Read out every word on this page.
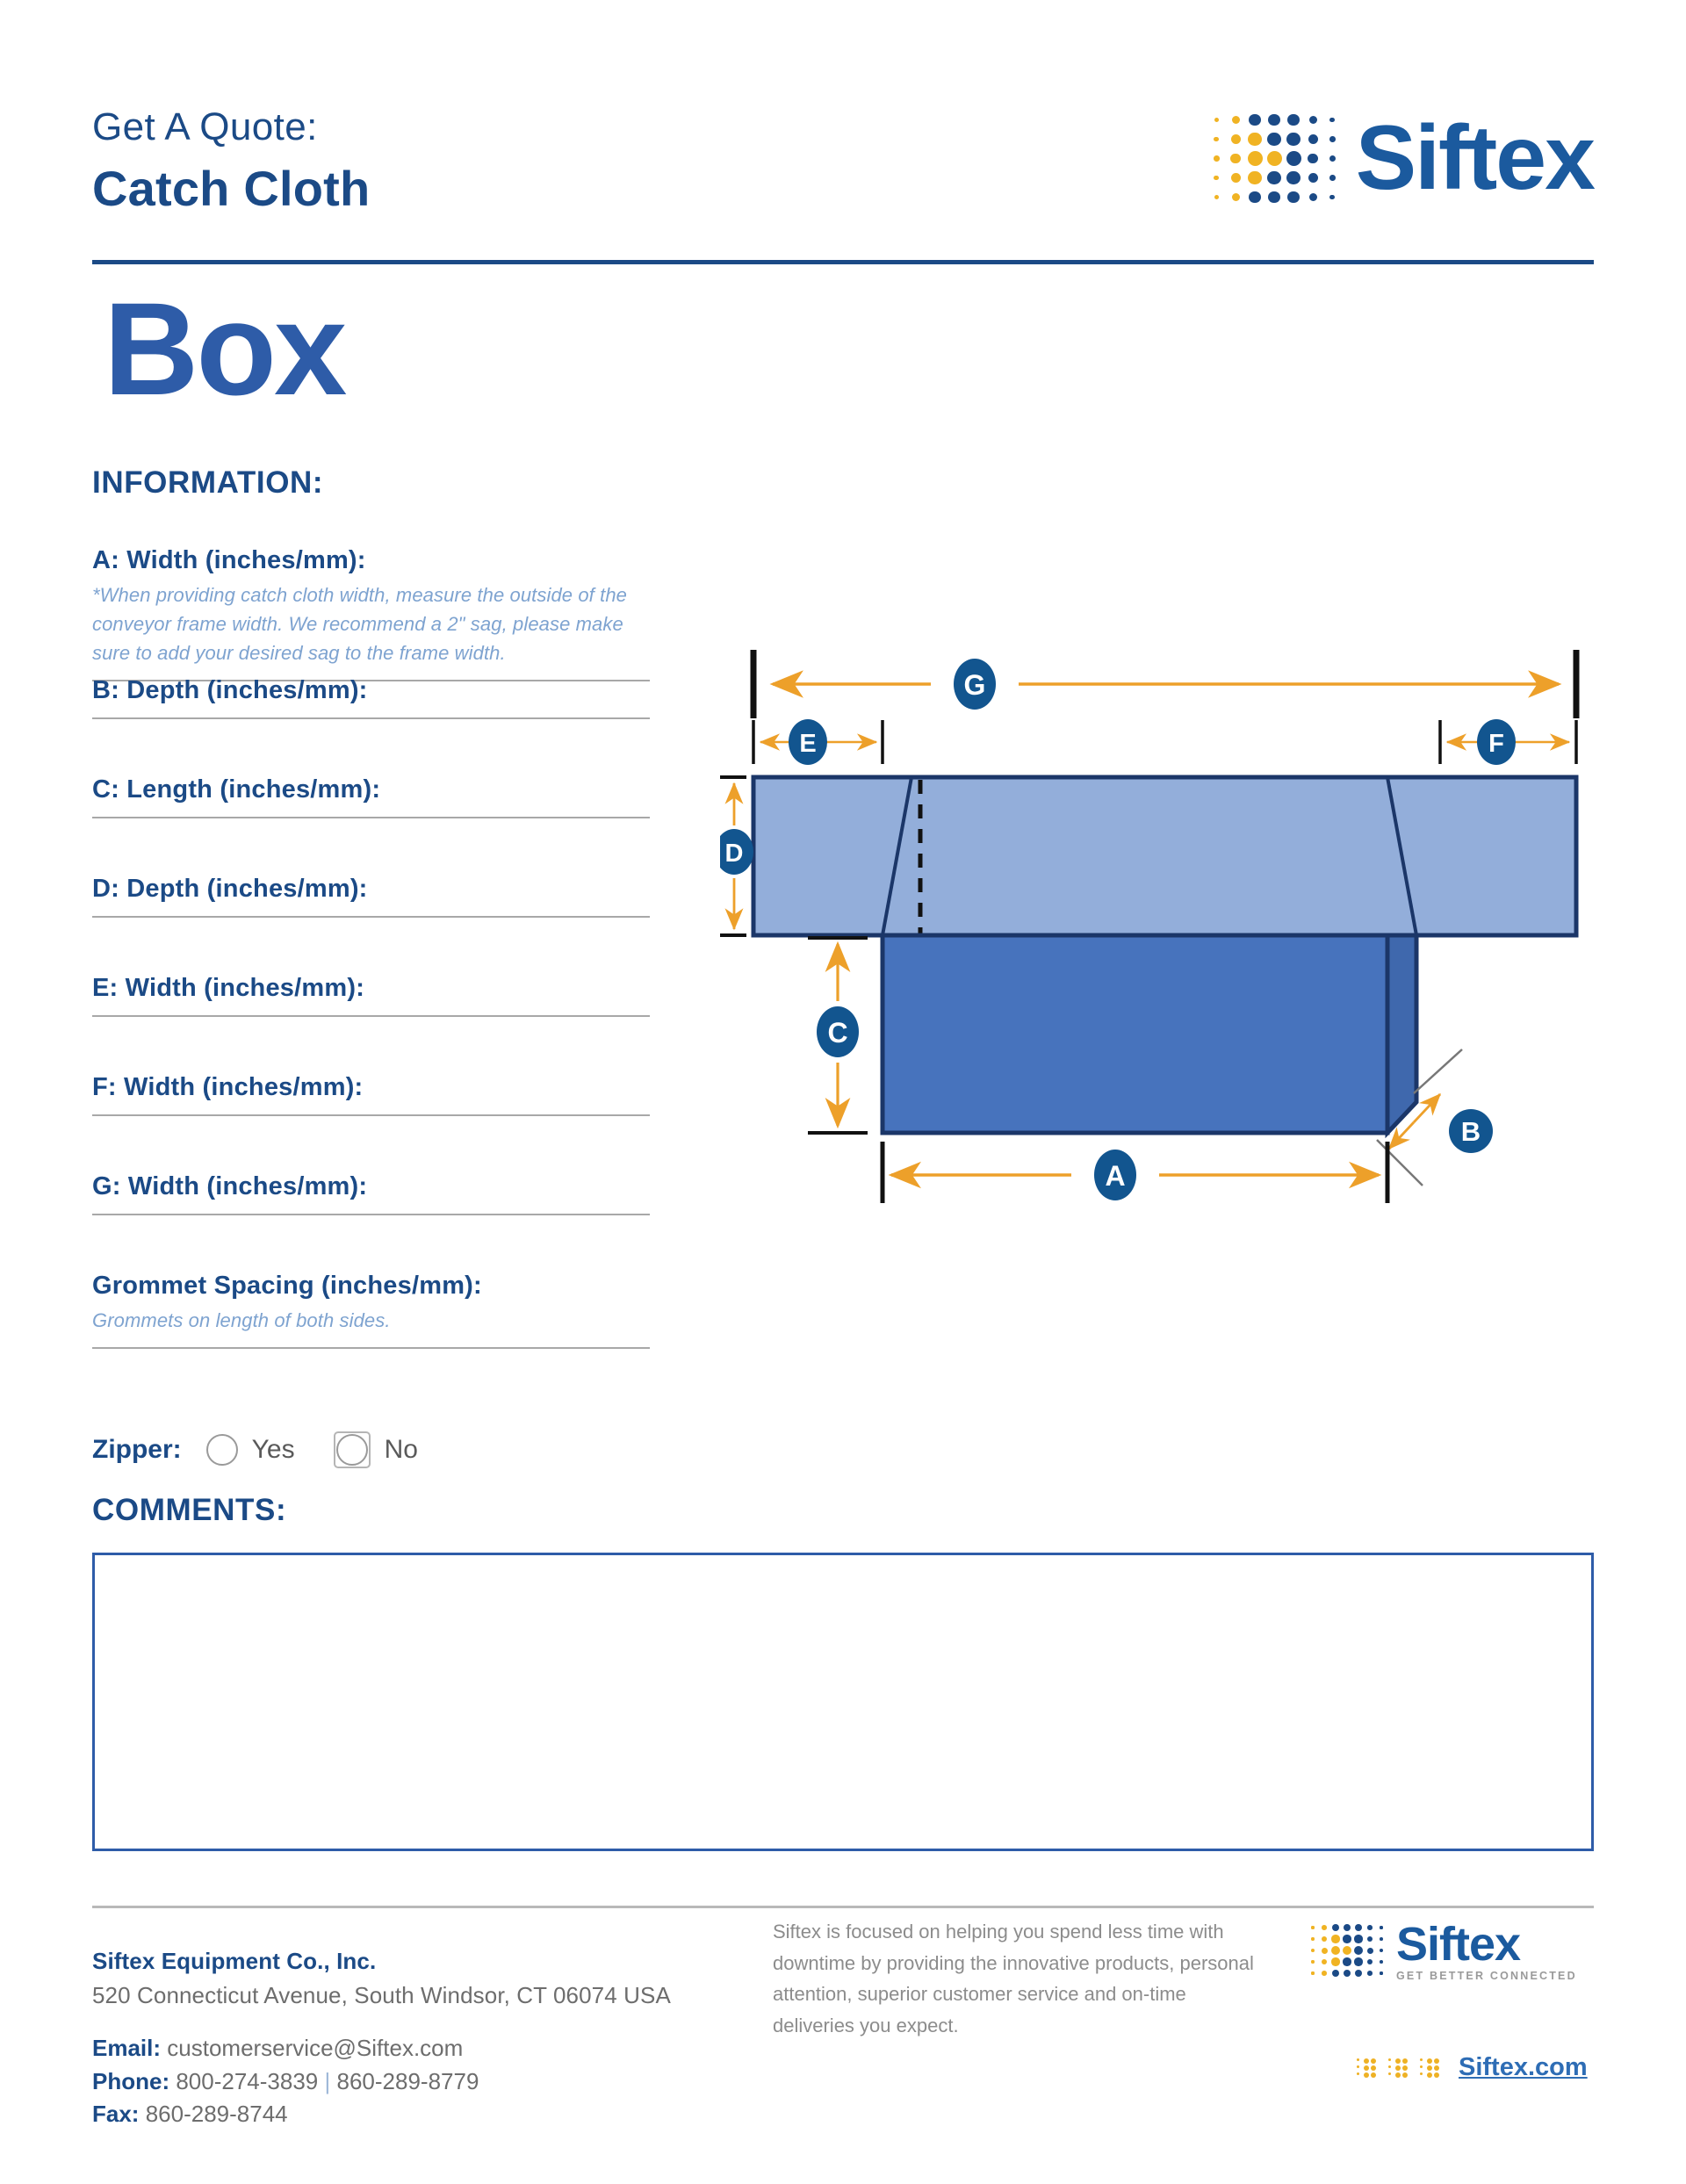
Get A Quote:
Catch Cloth	Siftex
Box
INFORMATION:
A: Width (inches/mm):
*When providing catch cloth width, measure the outside of the conveyor frame width. We recommend a 2" sag, please make sure to add your desired sag to the frame width.
B: Depth (inches/mm):
C: Length (inches/mm):
D: Depth (inches/mm):
E: Width (inches/mm):
F: Width (inches/mm):
G: Width (inches/mm):
Grommet Spacing (inches/mm):
Grommets on length of both sides.
Zipper:	Yes	No
COMMENTS:
G
E	F
D
C
B
A
Siftex Equipment Co., Inc.
520 Connecticut Avenue, South Windsor, CT 06074 USA
Email: customerservice@Siftex.com
Phone: 800-274-3839 | 860-289-8779
Fax: 860-289-8744
Siftex is focused on helping you spend less time with downtime by providing the innovative products, personal attention, superior customer service and on-time deliveries you expect.
Siftex
GET BETTER CONNECTED
Siftex.com
